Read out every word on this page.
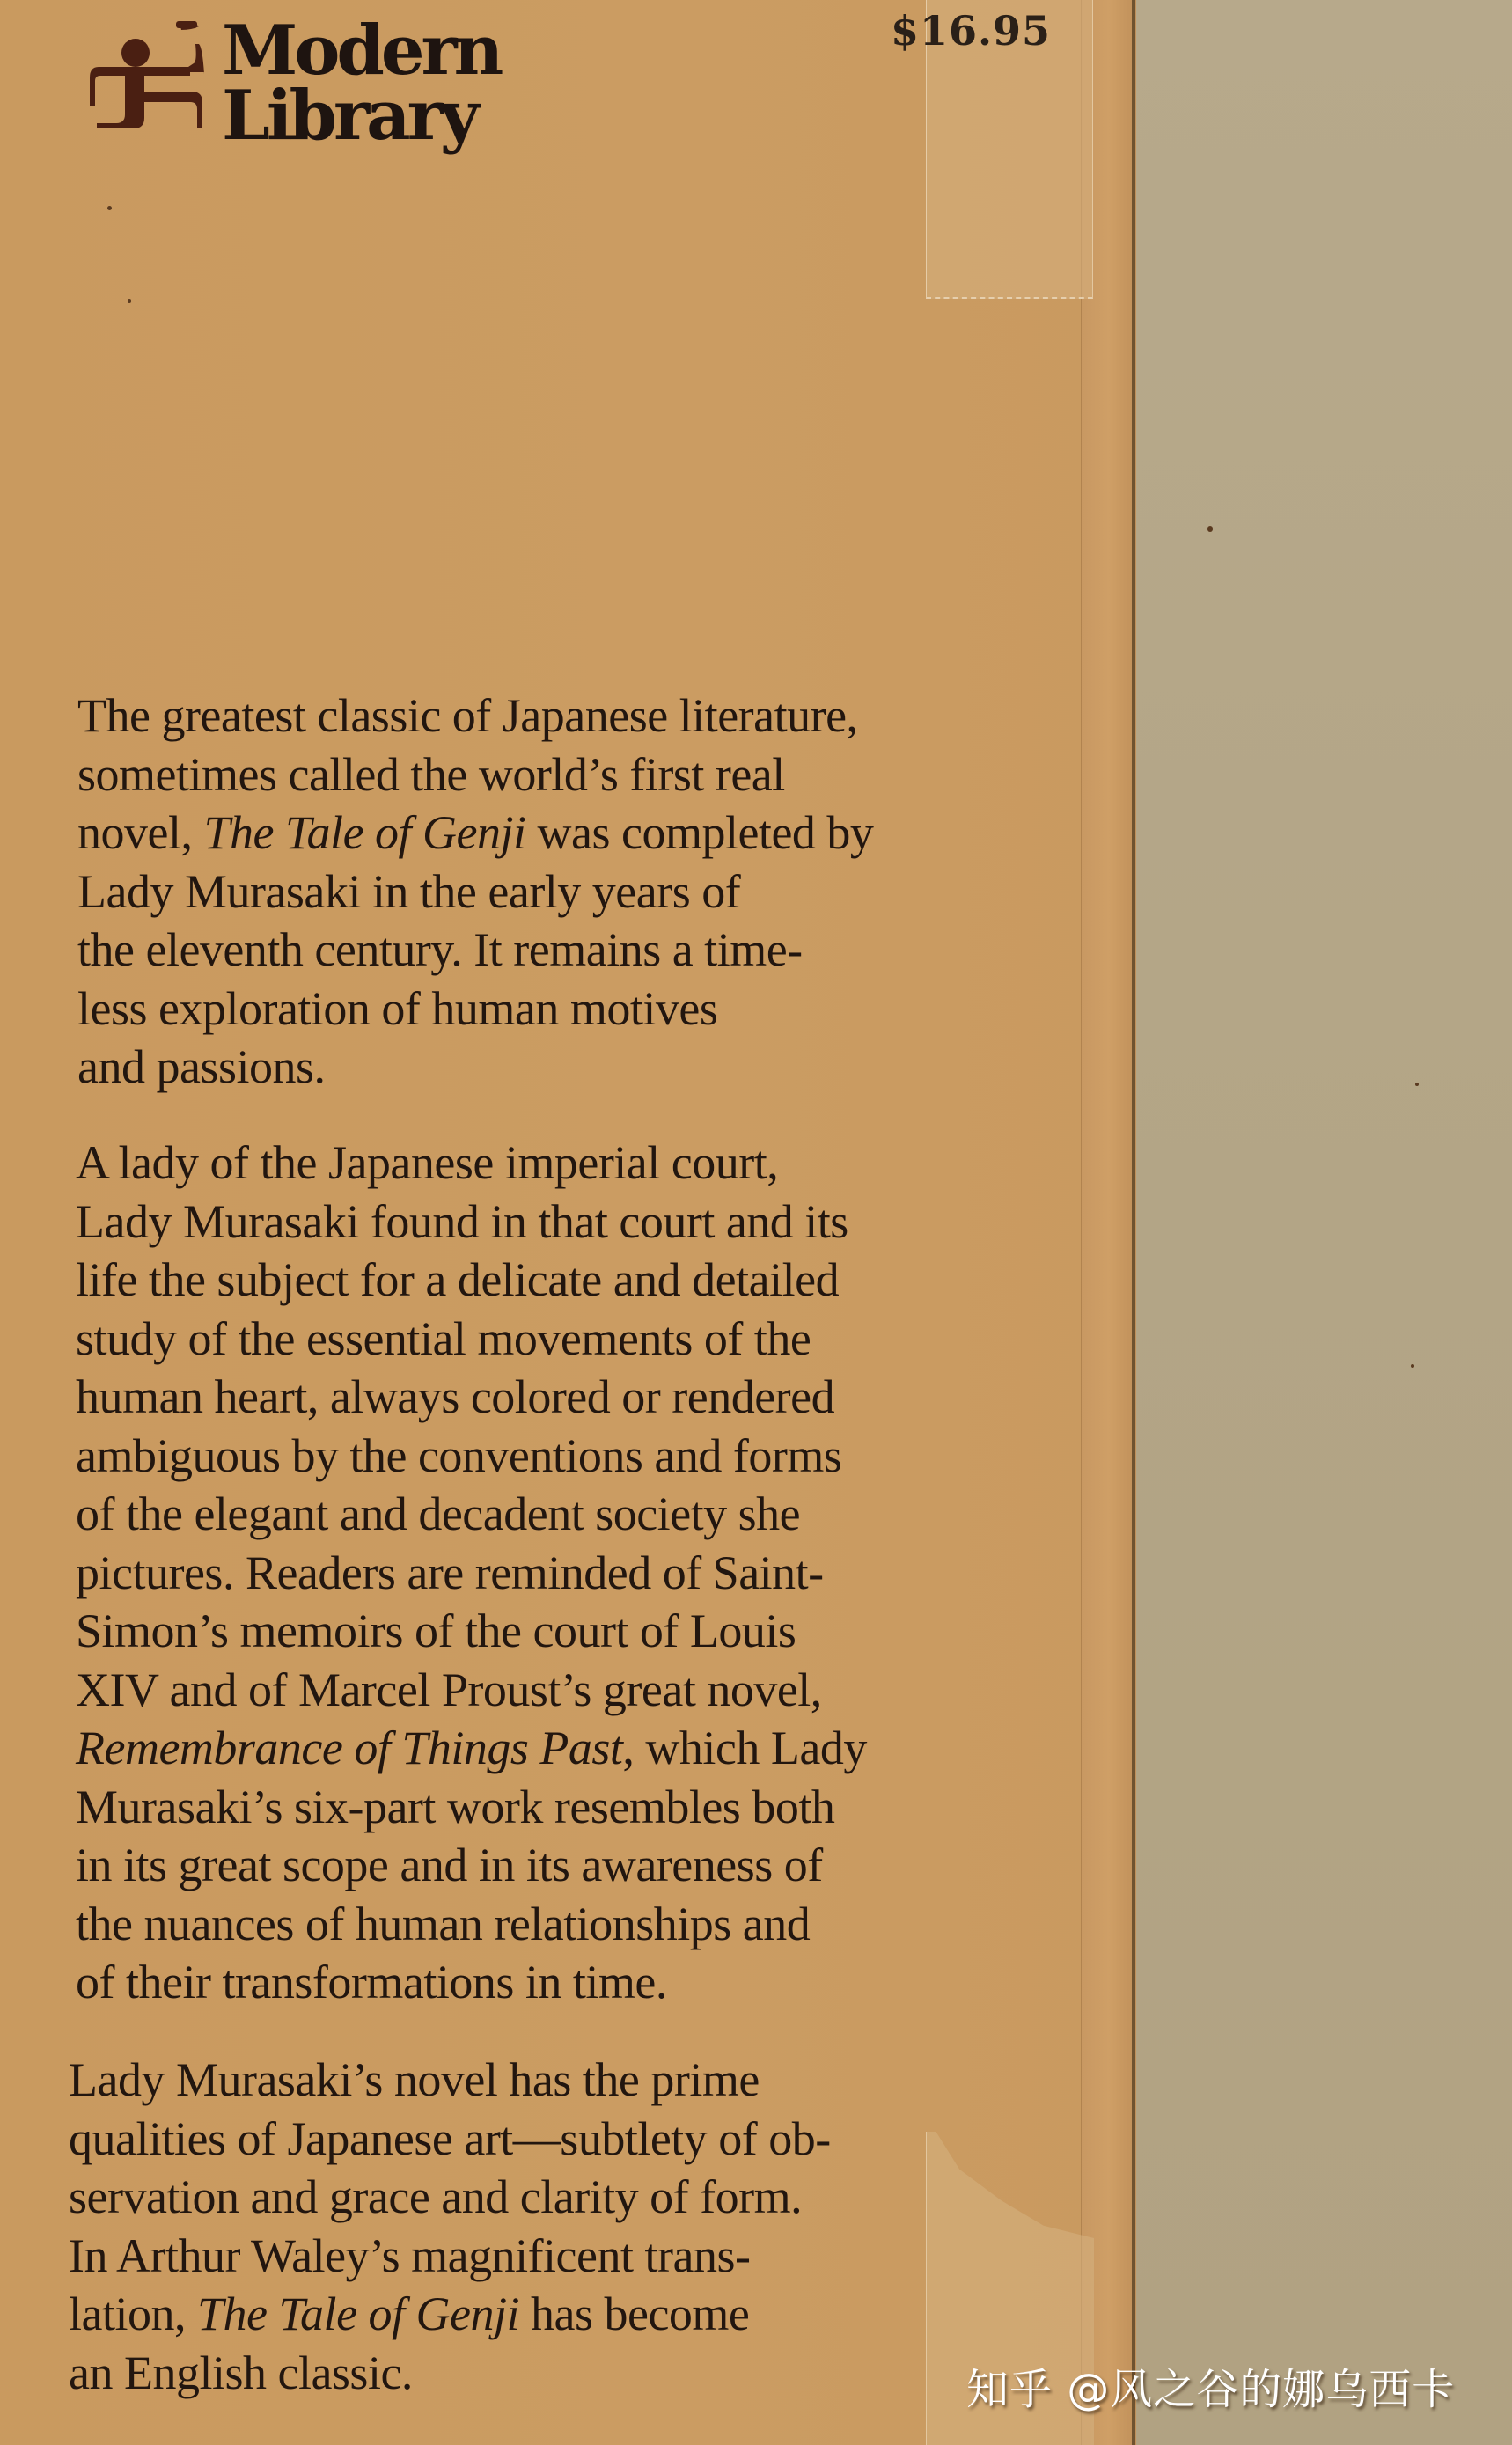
Modern
Library
$16.95
The greatest classic of Japanese literature,
sometimes called the world’s first real
novel, The Tale of Genji was completed by
Lady Murasaki in the early years of
the eleventh century. It remains a time-
less exploration of human motives
and passions.
A lady of the Japanese imperial court,
Lady Murasaki found in that court and its
life the subject for a delicate and detailed
study of the essential movements of the
human heart, always colored or rendered
ambiguous by the conventions and forms
of the elegant and decadent society she
pictures. Readers are reminded of Saint-
Simon’s memoirs of the court of Louis
XIV and of Marcel Proust’s great novel,
Remembrance of Things Past, which Lady
Murasaki’s six-part work resembles both
in its great scope and in its awareness of
the nuances of human relationships and
of their transformations in time.
Lady Murasaki’s novel has the prime
qualities of Japanese art—subtlety of ob-
servation and grace and clarity of form.
In Arthur Waley’s magnificent trans-
lation, The Tale of Genji has become
an English classic.	知乎 @风之谷的娜乌西卡
